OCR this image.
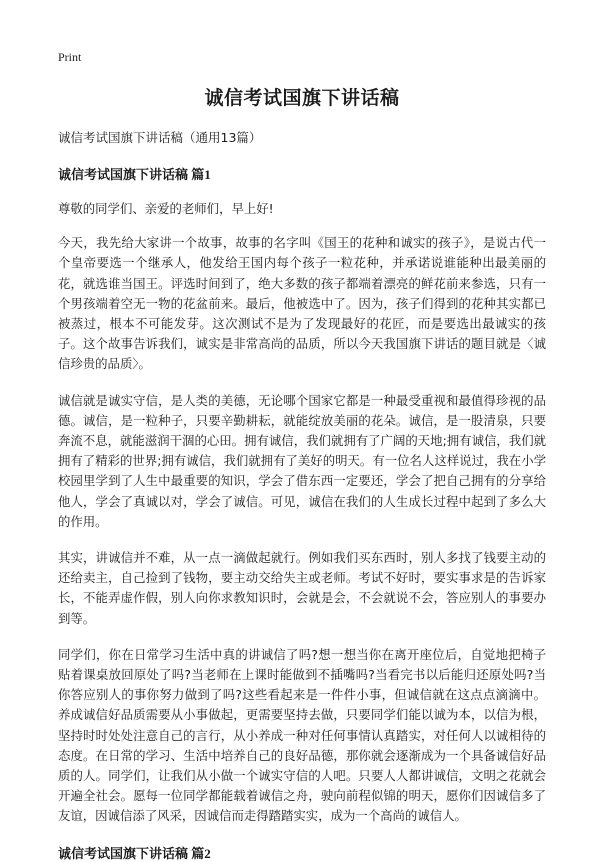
Print
诚信考试国旗下讲话稿
诚信考试国旗下讲话稿（通用13篇）
诚信考试国旗下讲话稿 篇1

尊敬的同学们、亲爱的老师们，早上好!

今天，我先给大家讲一个故事，故事的名字叫《国王的花种和诚实的孩子》，是说古代一个皇帝要选一个继承人，他发给王国内每个孩子一粒花种，并承诺说谁能种出最美丽的花，就选谁当国王。评选时间到了，绝大多数的孩子都端着漂亮的鲜花前来参选，只有一个男孩端着空无一物的花盆前来。最后，他被选中了。因为，孩子们得到的花种其实都已被蒸过，根本不可能发芽。这次测试不是为了发现最好的花匠，而是要选出最诚实的孩子。这个故事告诉我们，诚实是非常高尚的品质，所以今天我国旗下讲话的题目就是〈诚信珍贵的品质〉。

诚信就是诚实守信，是人类的美德，无论哪个国家它都是一种最受重视和最值得珍视的品德。诚信，是一粒种子，只要辛勤耕耘，就能绽放美丽的花朵。诚信，是一股清泉，只要奔流不息，就能滋润干涸的心田。拥有诚信，我们就拥有了广阔的天地;拥有诚信，我们就拥有了精彩的世界;拥有诚信，我们就拥有了美好的明天。有一位名人这样说过，我在小学校园里学到了人生中最重要的知识，学会了借东西一定要还，学会了把自己拥有的分享给他人，学会了真诚以对，学会了诚信。可见，诚信在我们的人生成长过程中起到了多么大的作用。

其实，讲诚信并不难，从一点一滴做起就行。例如我们买东西时，别人多找了钱要主动的还给卖主，自己捡到了钱物，要主动交给失主或老师。考试不好时，要实事求是的告诉家长，不能弄虚作假，别人向你求教知识时，会就是会，不会就说不会，答应别人的事要办到等。

同学们，你在日常学习生活中真的讲诚信了吗?想一想当你在离开座位后，自觉地把椅子贴着课桌放回原处了吗?当老师在上课时能做到不插嘴吗?当看完书以后能归还原处吗?当你答应别人的事你努力做到了吗?这些看起来是一件件小事，但诚信就在这点点滴滴中。养成诚信好品质需要从小事做起，更需要坚持去做，只要同学们能以诚为本，以信为根，坚持时时处处注意自己的言行，从小养成一种对任何事情认真踏实，对任何人以诚相待的态度。在日常的学习、生活中培养自己的良好品德，那你就会逐渐成为一个具备诚信好品质的人。同学们，让我们从小做一个诚实守信的人吧。只要人人都讲诚信，文明之花就会开遍全社会。愿每一位同学都能载着诚信之舟，驶向前程似锦的明天，愿你们因诚信多了友谊，因诚信添了风采，因诚信而走得踏踏实实，成为一个高尚的诚信人。

诚信考试国旗下讲话稿 篇2
